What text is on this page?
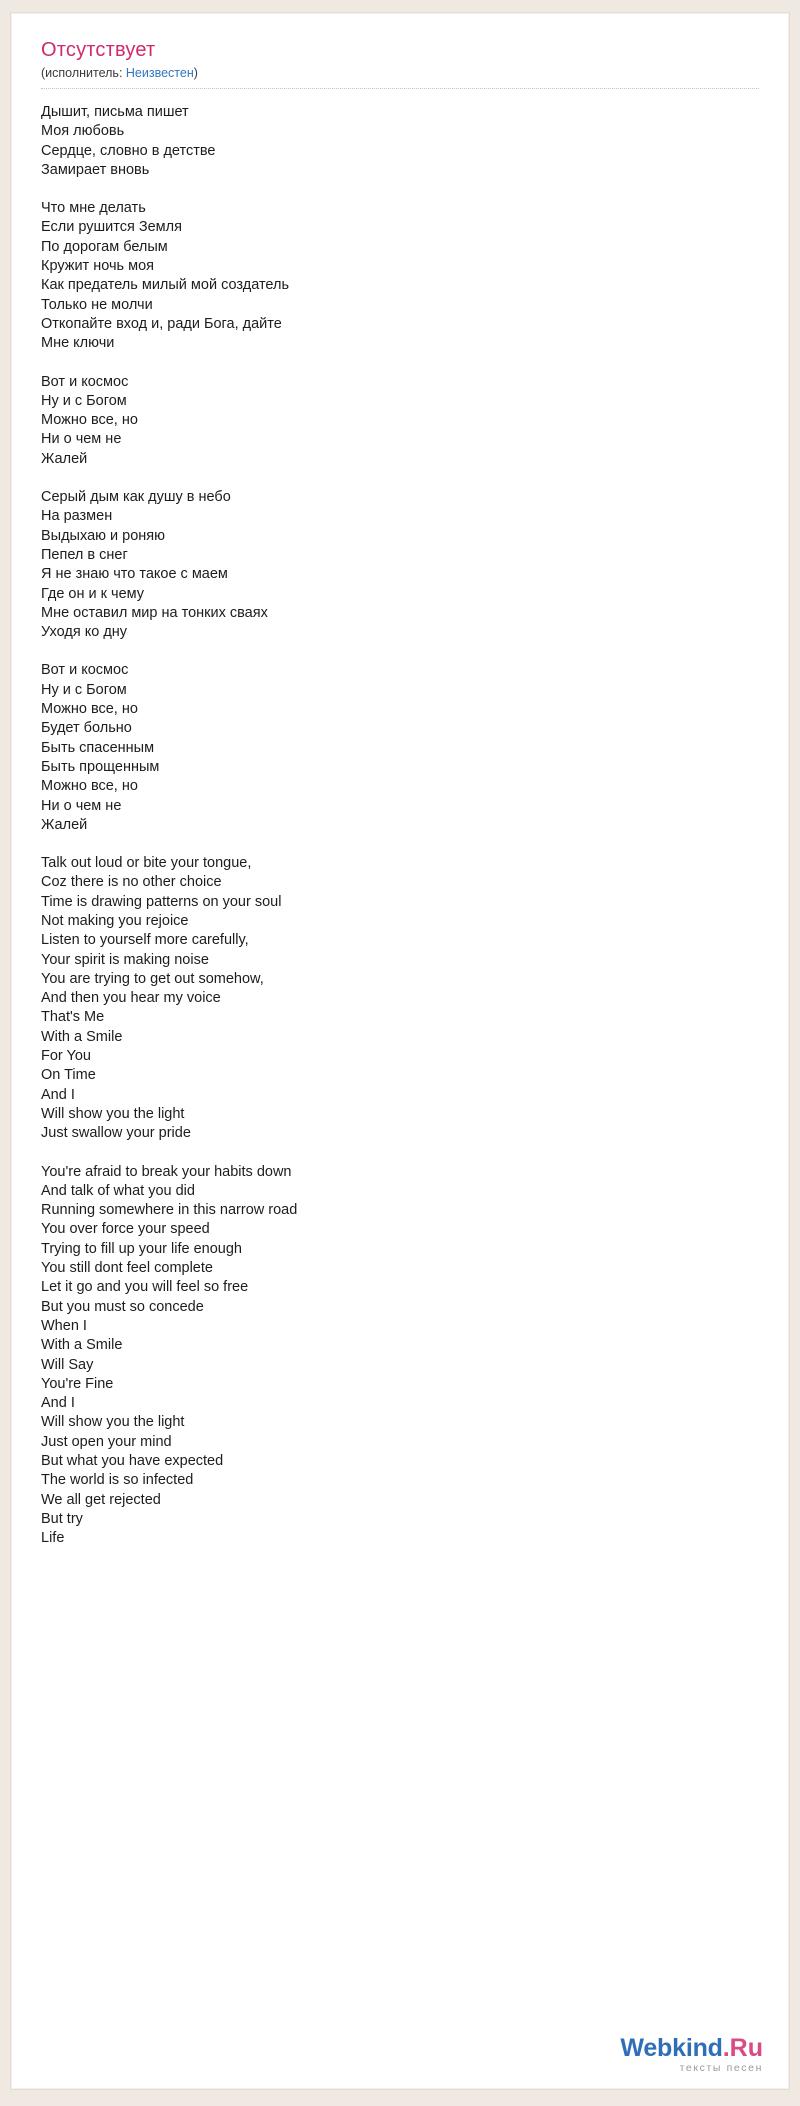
Отсутствует
(исполнитель: Неизвестен)
Дышит, письма пишет
Моя любовь
Сердце, словно в детстве
Замирает вновь
Что мне делать
Если рушится Земля
По дорогам белым
Кружит ночь моя
Как предатель милый мой создатель
Только не молчи
Откопайте вход и, ради Бога, дайте
Мне ключи
Вот и космос
Ну и с Богом
Можно все, но
Ни о чем не
Жалей
Серый дым как душу в небо
На размен
Выдыхаю и роняю
Пепел в снег
Я не знаю что такое с маем
Где он и к чему
Мне оставил мир на тонких сваях
Уходя ко дну
Вот и космос
Ну и с Богом
Можно все, но
Будет больно
Быть спасенным
Быть прощенным
Можно все, но
Ни о чем не
Жалей
Talk out loud or bite your tongue,
Coz there is no other choice
Time is drawing patterns on your soul
Not making you rejoice
Listen to yourself more carefully,
Your spirit is making noise
You are trying to get out somehow,
And then you hear my voice
That's Me
With a Smile
For You
On Time
And I
Will show you the light
Just swallow your pride
You're afraid to break your habits down
And talk of what you did
Running somewhere in this narrow road
You over force your speed
Trying to fill up your life enough
You still dont feel complete
Let it go and you will feel so free
But you must so concede
When I
With a Smile
Will Say
You're Fine
And I
Will show you the light
Just open your mind
But what you have expected
The world is so infected
We all get rejected
But try
Life
Webkind.Ru
тексты песен
